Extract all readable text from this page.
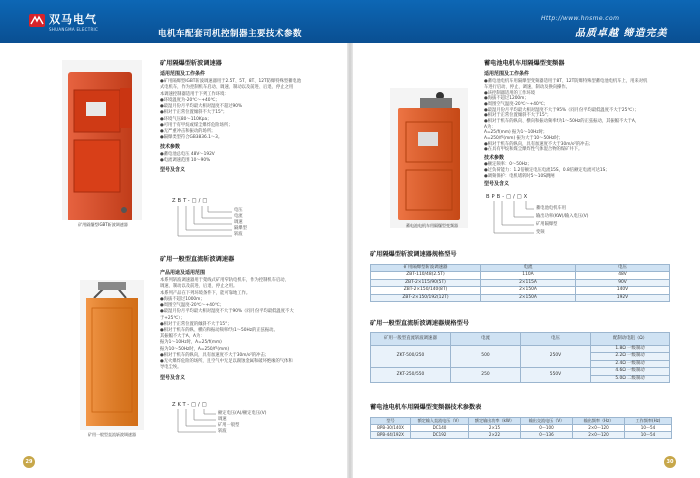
双马电气
SHUANGMA ELECTRIC	电机车配套司机控制器主要技术参数
Http://www.hnsme.com
品质卓越 缔造完美
矿用隔爆型IGBT斩波调速器
矿用隔爆型斩波调速器
适用范围及工作条件
●矿用隔爆型IGBT斩波调速器用于2.5T、5T、8T、12T防爆特殊型蓄电池
式电机车，作为控制机车启动、调速、制动以及前进、后退、停止之用
本调速控制器适用于下列工作环境：
●环境温度为-20℃～+40℃；
●最湿月份月平均最大相对湿度不超过90%
●相对于正常位置倾斜不大于15°；
●环境气压80～110Kpa；
●可用于有甲烷或煤尘爆炸危险场所；
●无严重冲击和振动的场所；
●隔爆类型符合GB3836.1～3。
技术参数
●蓄电池总电压 48V～192V
●电流调速范围 10～90%
型号及含义
ZBT-□/□
电压
电流
调速
隔爆型
斩波
矿用一般型直流斩波调速器
矿用一般型直流斩波调速器
产品用途及适用范围
本系列斩波调速器用于架线式矿用窄轨电机车，作为控制机车启动、
调速、制动以及前进、后退、停止之用。
本系列产品在下列环境条件下，能可靠地工作。
●海拔不超过1000m；
●周围空气温度-20℃～+40℃；
●最湿月份月平均最大相对湿度不大于90%（同月份平均最低温度不大
于+25℃）；
●相对于正常位置的倾斜不大于15°；
●相对于机车的纵、横向和振动频率f为1～50Hz的正弦振动。
其振幅不大于A，A为：
振为1～10Hz时，A=25/f(mm)
振为10～50Hz时，A=250/f²(mm)
●相对于机车的纵向，具有加速度不大于30m/s²的冲击；
●无火爆炸危险的场所，且空气中无足以腐蚀金属和破坏绝缘的气体和
导电尘埃。
型号及含义
ZKT-□/□
额定电压(A)/额定电压(V)
调速
矿用一般型
斩波
29
蓄电池电机车用隔爆型变频器
蓄电池电机车用隔爆型变频器
适用范围及工作条件
●蓄电池电机车用隔爆型变频器适用于8T、12T防爆特殊型蓄电池电机车上，用来对机
车进行启动、停止、调速，制动及换向操作。
●该控制器适用的工作环境
●海拔不超过1200m；
●周围空气温度-20℃～+40℃；
●最湿月份月平均最大相对湿度不大于95%（同月份平均最低温度不大于25℃）；
●相对于正常位置倾斜不大于15°；
●相对于机车的纵向、横向和振动频率f为1～50Hz的正弦振动，其振幅不大于A，
A为：
A=25/f(mm) 振为1～10Hz时；
A=250/f²(mm) 振为大于10～50Hz时；
●相对于机车的纵向，具有加速度不大于30m/s²的冲击；
●在具有甲烷和煤尘爆炸性气体混合物的煤矿井下。
技术参数
●额定频率：0～50Hz；
●过负荷能力：1.2倍额定电压电流15S，0.8倍额定电流可达1S；
●调频保护：电机堵转时5～10S跳闸
型号及含义
BPB-□/□X
蓄电池电机车用
输出功率(KW)/输入电压(V)
矿用隔爆型
变频
矿用隔爆型斩波调速器规格型号
矿用隔爆型斩波调速器	电流	电压
ZBT-110/48(2.5T)	110A	48V
ZBT-2×115/90(5T)	2×115A	90V
ZBT-2×150/140(8T)	2×150A	140V
ZBT-2×150/192(12T)	2×150A	192V
矿用一般型直流斩波调速器规格型号
矿用一般型直流斩波调速器	电流	电压	配制动电阻（Ω）
ZKT-500/250	500	250V	1.8Ω 一级制动
			2.2Ω 一级制动
			2.4Ω 一级制动
ZKT-250/550	250	550V	4.6Ω 一级制动
			5.0Ω 二级制动
蓄电池电机车用隔爆型变频器技术参数表
型号	额定输入直流电压（V）	额定输出功率（kW）	输出交流电压（V）	输出频率（Hz）	工作频率(Hz)
BPB-30/140X	DC140	2×15	0～100	2×0～120	10～54
BPB-44/192X	DC192	2×22	0～136	2×0～120	10～54
30
